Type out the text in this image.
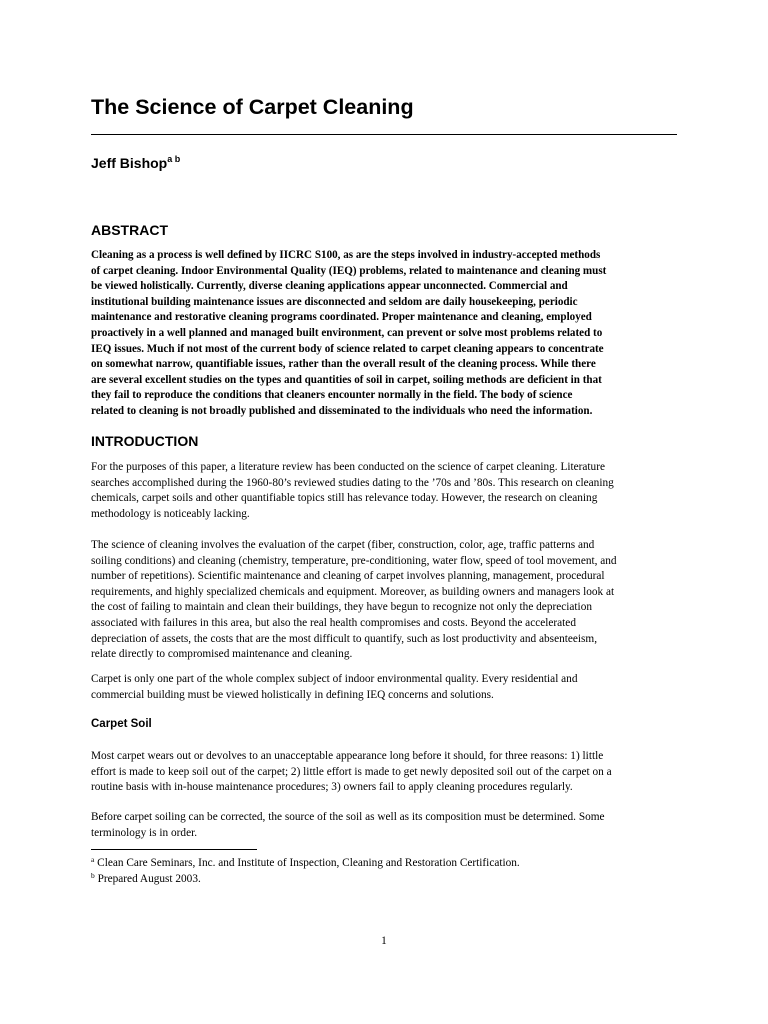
The Science of Carpet Cleaning
Jeff Bishop$^{a b}$
ABSTRACT
Cleaning as a process is well defined by IICRC S100, as are the steps involved in industry-accepted methods
of carpet cleaning. Indoor Environmental Quality (IEQ) problems, related to maintenance and cleaning must
be viewed holistically. Currently, diverse cleaning applications appear unconnected. Commercial and
institutional building maintenance issues are disconnected and seldom are daily housekeeping, periodic
maintenance and restorative cleaning programs coordinated. Proper maintenance and cleaning, employed
proactively in a well planned and managed built environment, can prevent or solve most problems related to
IEQ issues. Much if not most of the current body of science related to carpet cleaning appears to concentrate
on somewhat narrow, quantifiable issues, rather than the overall result of the cleaning process. While there
are several excellent studies on the types and quantities of soil in carpet, soiling methods are deficient in that
they fail to reproduce the conditions that cleaners encounter normally in the field. The body of science
related to cleaning is not broadly published and disseminated to the individuals who need the information.
INTRODUCTION
For the purposes of this paper, a literature review has been conducted on the science of carpet cleaning. Literature
searches accomplished during the 1960-80’s reviewed studies dating to the ’70s and ’80s. This research on cleaning
chemicals, carpet soils and other quantifiable topics still has relevance today. However, the research on cleaning
methodology is noticeably lacking.
The science of cleaning involves the evaluation of the carpet (fiber, construction, color, age, traffic patterns and
soiling conditions) and cleaning (chemistry, temperature, pre-conditioning, water flow, speed of tool movement, and
number of repetitions). Scientific maintenance and cleaning of carpet involves planning, management, procedural
requirements, and highly specialized chemicals and equipment. Moreover, as building owners and managers look at
the cost of failing to maintain and clean their buildings, they have begun to recognize not only the depreciation
associated with failures in this area, but also the real health compromises and costs. Beyond the accelerated
depreciation of assets, the costs that are the most difficult to quantify, such as lost productivity and absenteeism,
relate directly to compromised maintenance and cleaning.
Carpet is only one part of the whole complex subject of indoor environmental quality. Every residential and
commercial building must be viewed holistically in defining IEQ concerns and solutions.
Carpet Soil
Most carpet wears out or devolves to an unacceptable appearance long before it should, for three reasons: 1) little
effort is made to keep soil out of the carpet; 2) little effort is made to get newly deposited soil out of the carpet on a
routine basis with in-house maintenance procedures; 3) owners fail to apply cleaning procedures regularly.
Before carpet soiling can be corrected, the source of the soil as well as its composition must be determined. Some
terminology is in order.
$^a$ Clean Care Seminars, Inc. and Institute of Inspection, Cleaning and Restoration Certification.
$^b$ Prepared August 2003.
1
